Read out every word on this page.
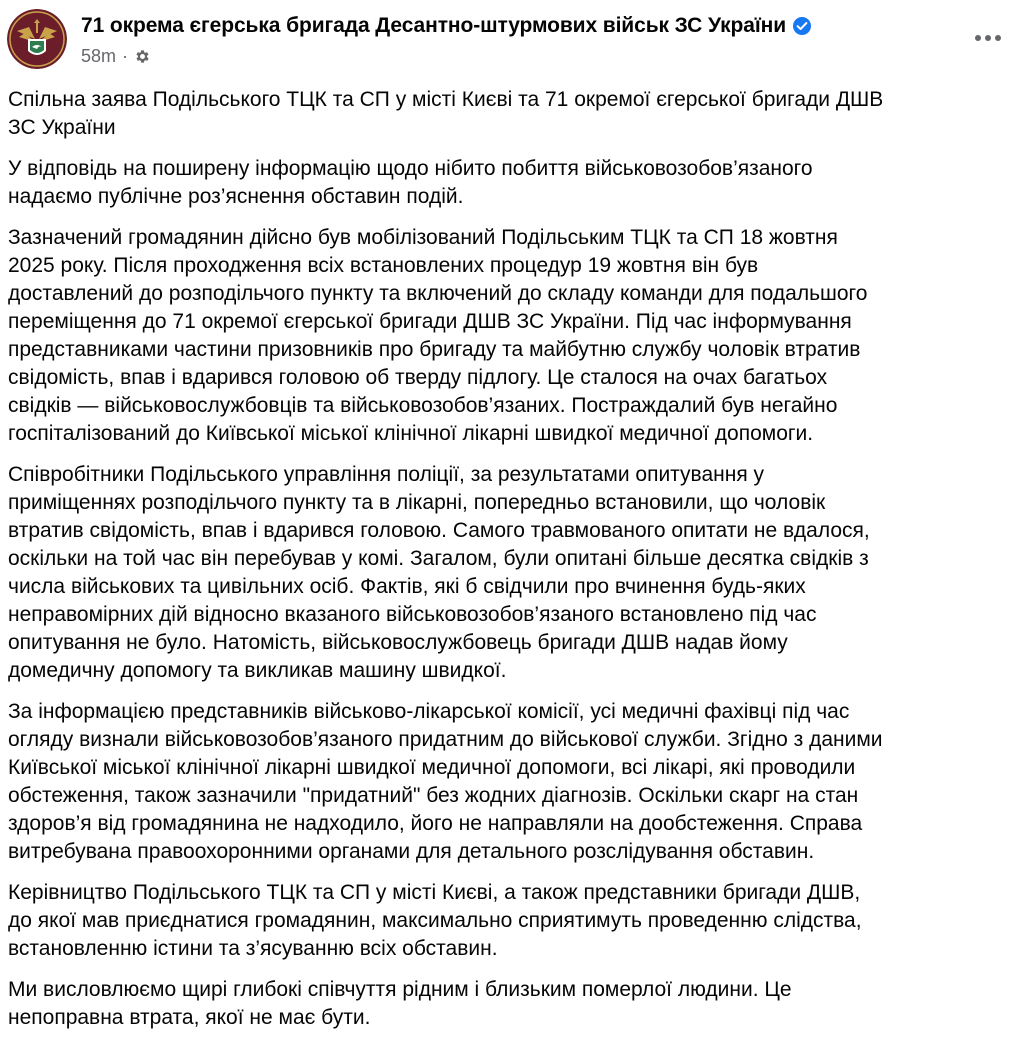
71 окрема єгерська бригада Десантно-штурмових військ ЗС України
58m ·

Спільна заява Подільського ТЦК та СП у місті Києві та 71 окремої єгерської бригади ДШВ
ЗС України

У відповідь на поширену інформацію щодо нібито побиття військовозобов’язаного
надаємо публічне роз’яснення обставин подій.

Зазначений громадянин дійсно був мобілізований Подільським ТЦК та СП 18 жовтня
2025 року. Після проходження всіх встановлених процедур 19 жовтня він був
доставлений до розподільчого пункту та включений до складу команди для подальшого
переміщення до 71 окремої єгерської бригади ДШВ ЗС України. Під час інформування
представниками частини призовників про бригаду та майбутню службу чоловік втратив
свідомість, впав і вдарився головою об тверду підлогу. Це сталося на очах багатьох
свідків — військовослужбовців та військовозобов’язаних. Постраждалий був негайно
госпіталізований до Київської міської клінічної лікарні швидкої медичної допомоги.

Співробітники Подільського управління поліції, за результатами опитування у
приміщеннях розподільчого пункту та в лікарні, попередньо встановили, що чоловік
втратив свідомість, впав і вдарився головою. Самого травмованого опитати не вдалося,
оскільки на той час він перебував у комі. Загалом, були опитані більше десятка свідків з
числа військових та цивільних осіб. Фактів, які б свідчили про вчинення будь-яких
неправомірних дій відносно вказаного військовозобов’язаного встановлено під час
опитування не було. Натомість, військовослужбовець бригади ДШВ надав йому
домедичну допомогу та викликав машину швидкої.

За інформацією представників військово-лікарської комісії, усі медичні фахівці під час
огляду визнали військовозобов’язаного придатним до військової служби. Згідно з даними
Київської міської клінічної лікарні швидкої медичної допомоги, всі лікарі, які проводили
обстеження, також зазначили "придатний" без жодних діагнозів. Оскільки скарг на стан
здоров’я від громадянина не надходило, його не направляли на дообстеження. Справа
витребувана правоохоронними органами для детального розслідування обставин.

Керівництво Подільського ТЦК та СП у місті Києві, а також представники бригади ДШВ,
до якої мав приєднатися громадянин, максимально сприятимуть проведенню слідства,
встановленню істини та з’ясуванню всіх обставин.

Ми висловлюємо щирі глибокі співчуття рідним і близьким померлої людини. Це
непоправна втрата, якої не має бути.
